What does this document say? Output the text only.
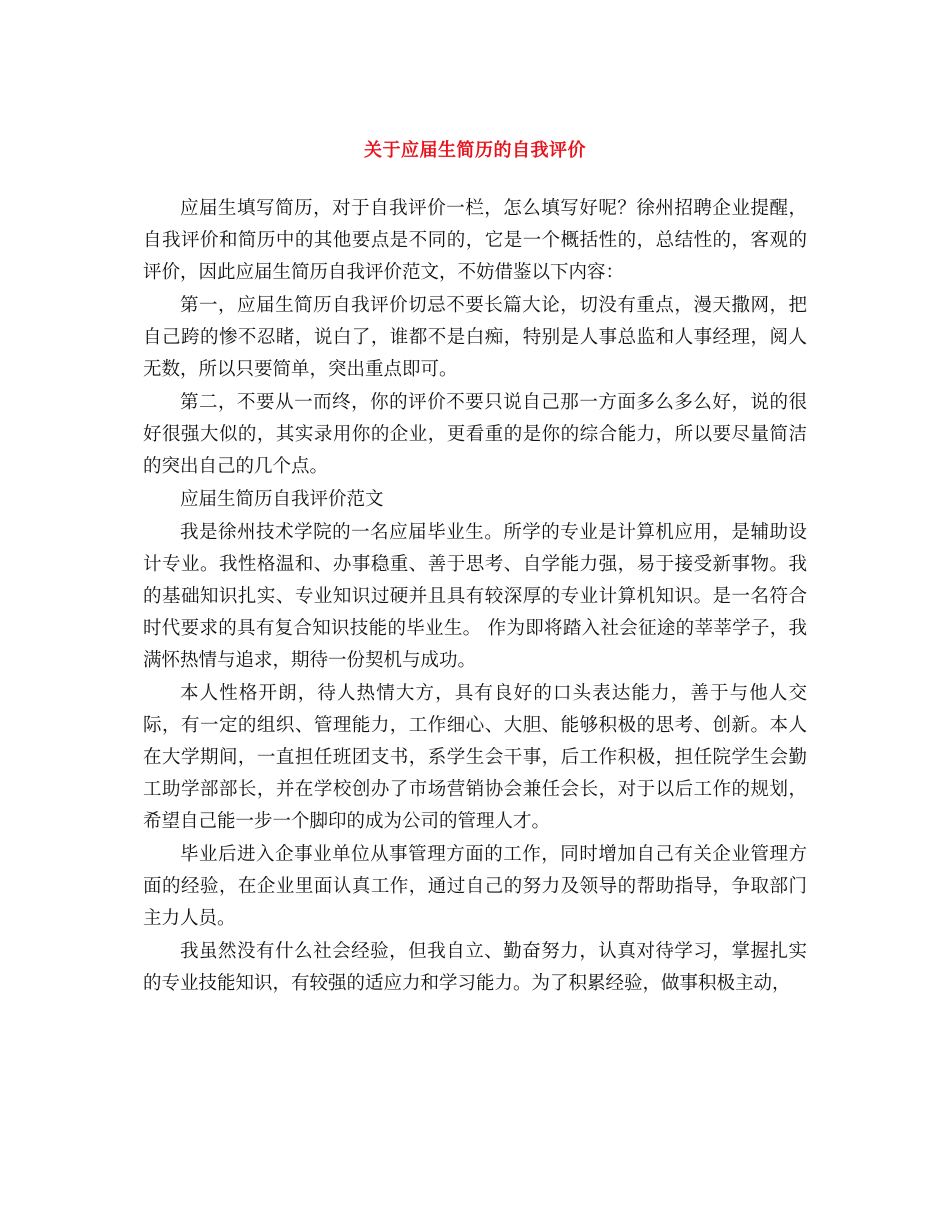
关于应届生简历的自我评价

应届生填写简历，对于自我评价一栏，怎么填写好呢？徐州招聘企业提醒，自我评价和简历中的其他要点是不同的，它是一个概括性的，总结性的，客观的评价，因此应届生简历自我评价范文，不妨借鉴以下内容：

第一，应届生简历自我评价切忌不要长篇大论，切没有重点，漫天撒网，把自己跨的惨不忍睹，说白了，谁都不是白痴，特别是人事总监和人事经理，阅人无数，所以只要简单，突出重点即可。

第二，不要从一而终，你的评价不要只说自己那一方面多么多么好，说的很好很强大似的，其实录用你的企业，更看重的是你的综合能力，所以要尽量简洁的突出自己的几个点。

应届生简历自我评价范文

我是徐州技术学院的一名应届毕业生。所学的专业是计算机应用，是辅助设计专业。我性格温和、办事稳重、善于思考、自学能力强，易于接受新事物。我的基础知识扎实、专业知识过硬并且具有较深厚的专业计算机知识。是一名符合时代要求的具有复合知识技能的毕业生。 作为即将踏入社会征途的莘莘学子，我满怀热情与追求，期待一份契机与成功。

本人性格开朗，待人热情大方，具有良好的口头表达能力，善于与他人交际，有一定的组织、管理能力，工作细心、大胆、能够积极的思考、创新。本人在大学期间，一直担任班团支书，系学生会干事，后工作积极，担任院学生会勤工助学部部长，并在学校创办了市场营销协会兼任会长，对于以后工作的规划，希望自己能一步一个脚印的成为公司的管理人才。

毕业后进入企事业单位从事管理方面的工作，同时增加自己有关企业管理方面的经验，在企业里面认真工作，通过自己的努力及领导的帮助指导，争取部门主力人员。

我虽然没有什么社会经验，但我自立、勤奋努力，认真对待学习，掌握扎实的专业技能知识，有较强的适应力和学习能力。为了积累经验，做事积极主动，
